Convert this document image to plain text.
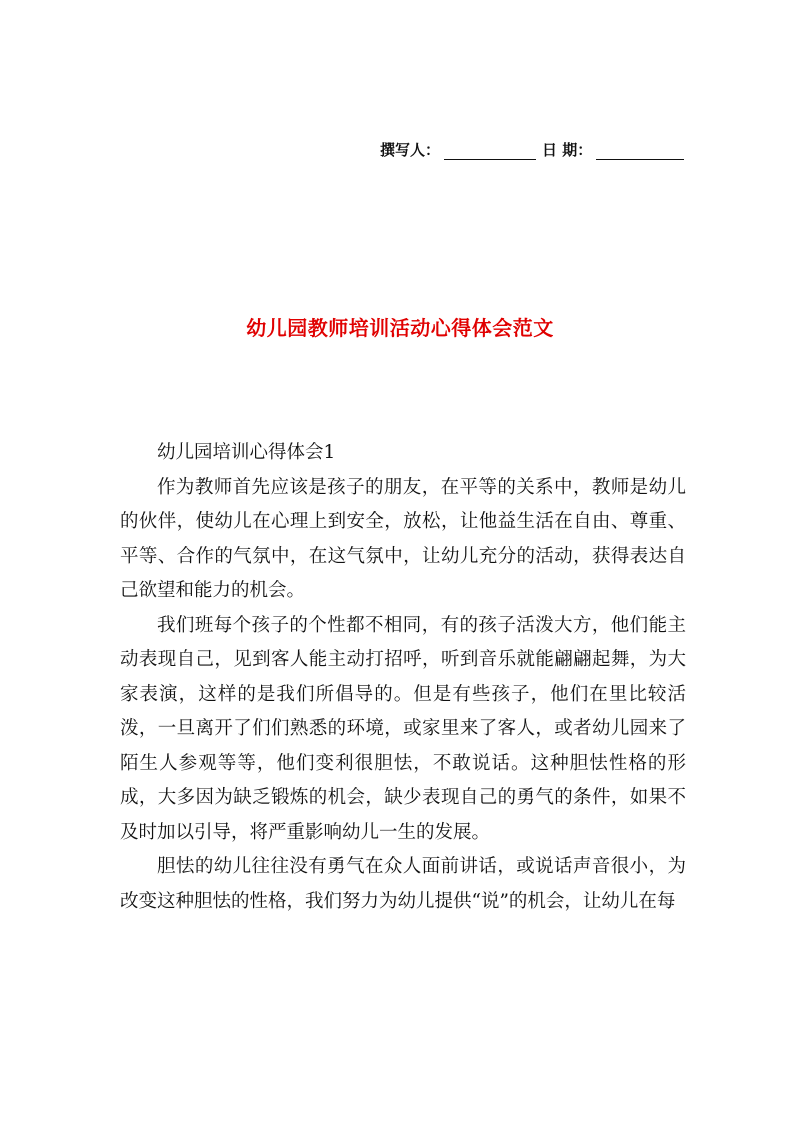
撰写人：	日 期：
幼儿园教师培训活动心得体会范文

幼儿园培训心得体会1

作为教师首先应该是孩子的朋友，在平等的关系中，教师是幼儿的伙伴，使幼儿在心理上到安全，放松，让他益生活在自由、尊重、平等、合作的气氛中，在这气氛中，让幼儿充分的活动，获得表达自己欲望和能力的机会。

我们班每个孩子的个性都不相同，有的孩子活泼大方，他们能主动表现自己，见到客人能主动打招呼，听到音乐就能翩翩起舞，为大家表演，这样的是我们所倡导的。但是有些孩子，他们在里比较活泼，一旦离开了们们熟悉的环境，或家里来了客人，或者幼儿园来了陌生人参观等等，他们变利很胆怯，不敢说话。这种胆怯性格的形成，大多因为缺乏锻炼的机会，缺少表现自己的勇气的条件，如果不及时加以引导，将严重影响幼儿一生的发展。

胆怯的幼儿往往没有勇气在众人面前讲话，或说话声音很小，为改变这种胆怯的性格，我们努力为幼儿提供“说”的机会，让幼儿在每
